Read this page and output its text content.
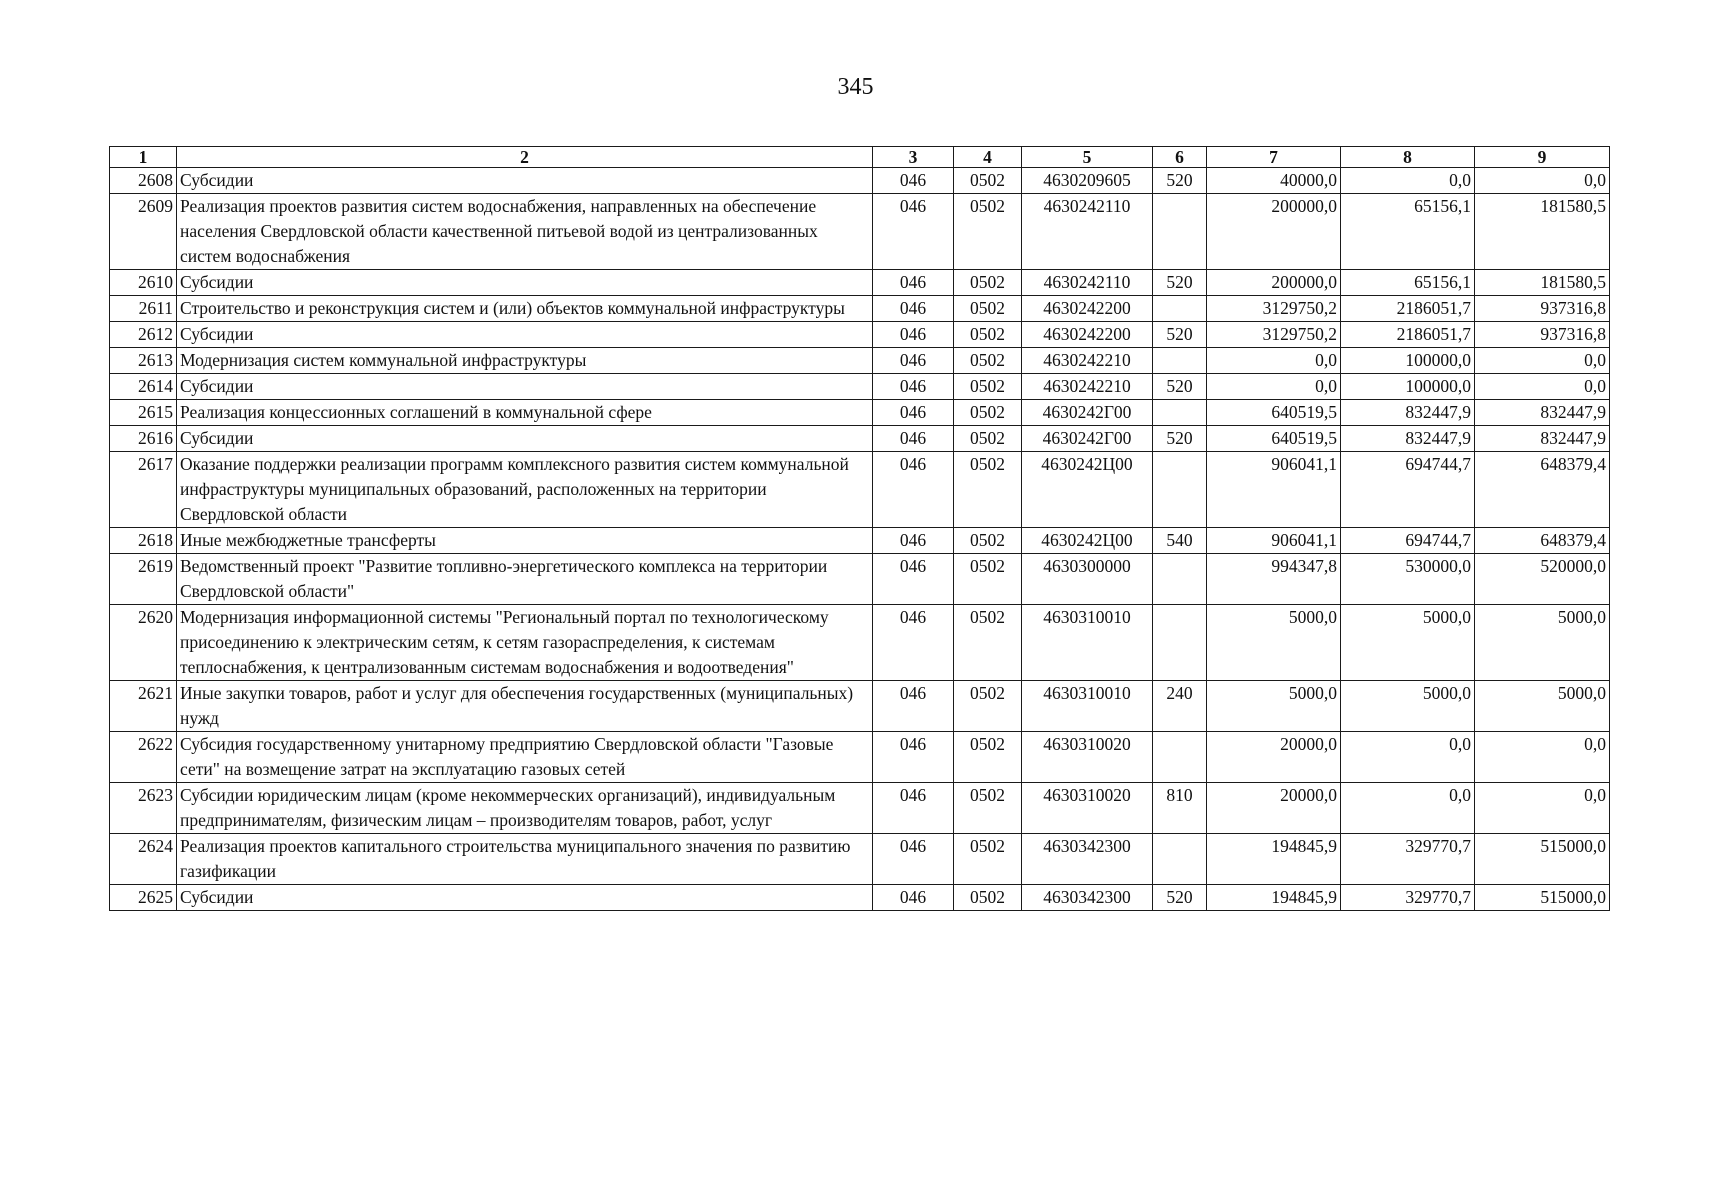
345
1	2	3	4	5	6	7	8	9
2608	Субсидии	046	0502	4630209605	520	40000,0	0,0	0,0
2609	Реализация проектов развития систем водоснабжения, направленных на обеспечение населения Свердловской области качественной питьевой водой из централизованных систем водоснабжения	046	0502	4630242110		200000,0	65156,1	181580,5
2610	Субсидии	046	0502	4630242110	520	200000,0	65156,1	181580,5
2611	Строительство и реконструкция систем и (или) объектов коммунальной инфраструктуры	046	0502	4630242200		3129750,2	2186051,7	937316,8
2612	Субсидии	046	0502	4630242200	520	3129750,2	2186051,7	937316,8
2613	Модернизация систем коммунальной инфраструктуры	046	0502	4630242210		0,0	100000,0	0,0
2614	Субсидии	046	0502	4630242210	520	0,0	100000,0	0,0
2615	Реализация концессионных соглашений в коммунальной сфере	046	0502	4630242Г00		640519,5	832447,9	832447,9
2616	Субсидии	046	0502	4630242Г00	520	640519,5	832447,9	832447,9
2617	Оказание поддержки реализации программ комплексного развития систем коммунальной инфраструктуры муниципальных образований, расположенных на территории Свердловской области	046	0502	4630242Ц00		906041,1	694744,7	648379,4
2618	Иные межбюджетные трансферты	046	0502	4630242Ц00	540	906041,1	694744,7	648379,4
2619	Ведомственный проект "Развитие топливно-энергетического комплекса на территории Свердловской области"	046	0502	4630300000		994347,8	530000,0	520000,0
2620	Модернизация информационной системы "Региональный портал по технологическому присоединению к электрическим сетям, к сетям газораспределения, к системам теплоснабжения, к централизованным системам водоснабжения и водоотведения"	046	0502	4630310010		5000,0	5000,0	5000,0
2621	Иные закупки товаров, работ и услуг для обеспечения государственных (муниципальных) нужд	046	0502	4630310010	240	5000,0	5000,0	5000,0
2622	Субсидия государственному унитарному предприятию Свердловской области "Газовые сети" на возмещение затрат на эксплуатацию газовых сетей	046	0502	4630310020		20000,0	0,0	0,0
2623	Субсидии юридическим лицам (кроме некоммерческих организаций), индивидуальным предпринимателям, физическим лицам – производителям товаров, работ, услуг	046	0502	4630310020	810	20000,0	0,0	0,0
2624	Реализация проектов капитального строительства муниципального значения по развитию газификации	046	0502	4630342300		194845,9	329770,7	515000,0
2625	Субсидии	046	0502	4630342300	520	194845,9	329770,7	515000,0
